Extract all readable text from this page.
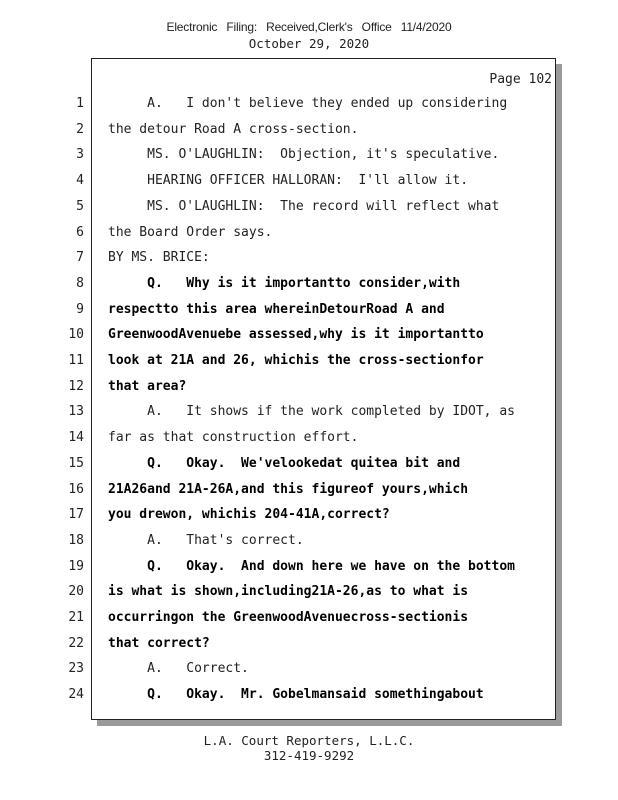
Electronic Filing: Received,Clerk's Office 11/4/2020
October 29, 2020
Page 102
1 A.   I don't believe they ended up considering
2 the detour Road A cross-section.
3 MS. O'LAUGHLIN:  Objection, it's speculative.
4 HEARING OFFICER HALLORAN:  I'll allow it.
5 MS. O'LAUGHLIN:  The record will reflect what
6 the Board Order says.
7 BY MS. BRICE:
8 Q.   Why is it importantto consider,with
9 respectto this area whereinDetourRoad A and
10 GreenwoodAvenuebe assessed,why is it importantto
11 look at 21A and 26, whichis the cross-sectionfor
12 that area?
13 A.   It shows if the work completed by IDOT, as
14 far as that construction effort.
15 Q.   Okay.  We'velookedat quitea bit and
16 21A26and 21A-26A,and this figureof yours,which
17 you drewon, whichis 204-41A,correct?
18 A.   That's correct.
19 Q.   Okay.  And down here we have on the bottom
20 is what is shown,including21A-26,as to what is
21 occurringon the GreenwoodAvenuecross-sectionis
22 that correct?
23 A.   Correct.
24 Q.   Okay.  Mr. Gobelmansaid somethingabout
L.A. Court Reporters, L.L.C.
312-419-9292
